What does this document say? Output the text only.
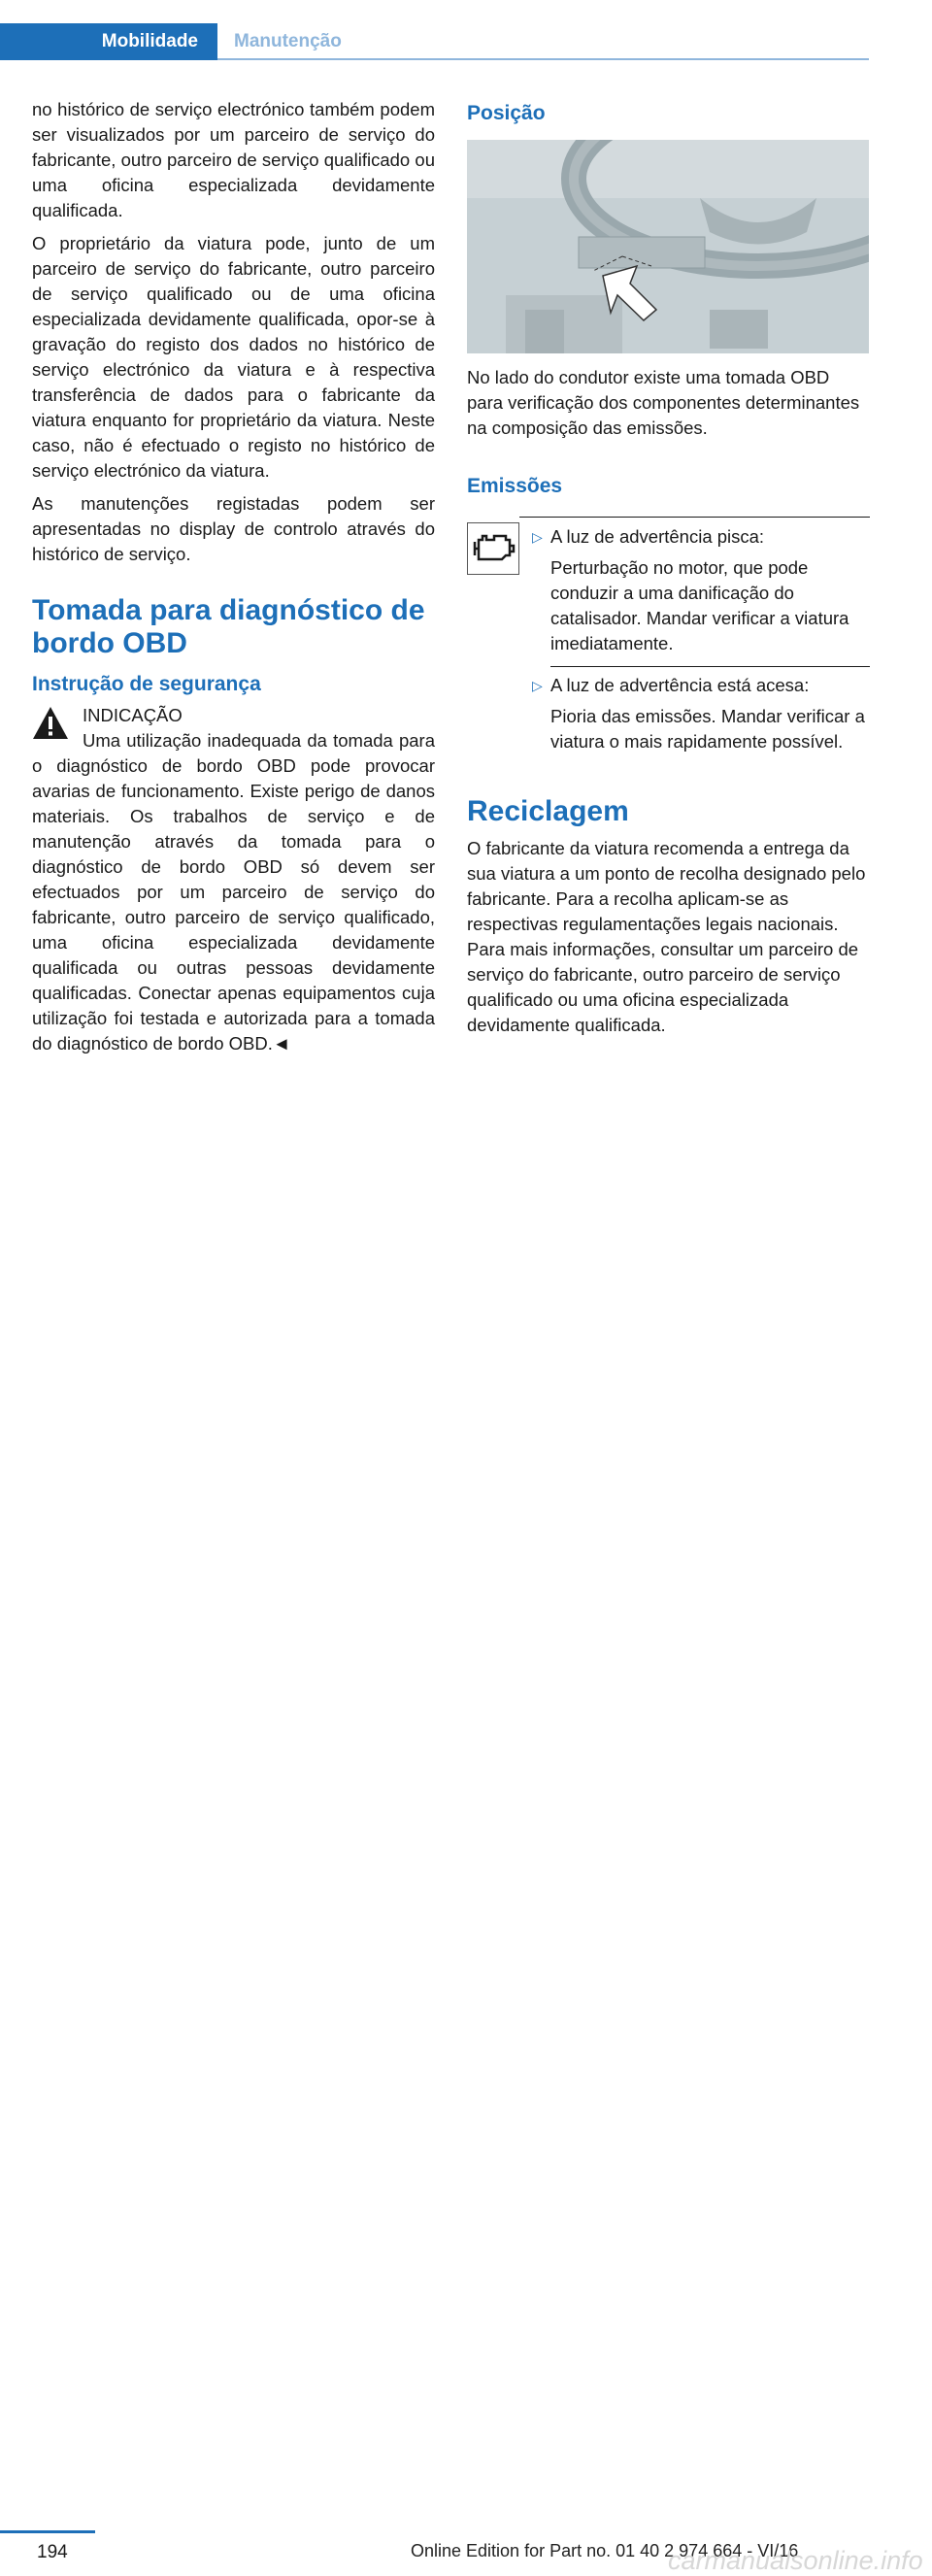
Mobilidade	Manutenção

no histórico de serviço electrónico também podem ser visualizados por um parceiro de serviço do fabricante, outro parceiro de serviço qualificado ou uma oficina especializada devidamente qualificada.

O proprietário da viatura pode, junto de um parceiro de serviço do fabricante, outro parceiro de serviço qualificado ou de uma oficina especializada devidamente qualificada, opor-se à gravação do registo dos dados no histórico de serviço electrónico da viatura e à respectiva transferência de dados para o fabricante da viatura enquanto for proprietário da viatura. Neste caso, não é efectuado o registo no histórico de serviço electrónico da viatura.

As manutenções registadas podem ser apresentadas no display de controlo através do histórico de serviço.

Tomada para diagnóstico de bordo OBD
Instrução de segurança
INDICAÇÃO
Uma utilização inadequada da tomada para o diagnóstico de bordo OBD pode provocar avarias de funcionamento. Existe perigo de danos materiais. Os trabalhos de serviço e de manutenção através da tomada para o diagnóstico de bordo OBD só devem ser efectuados por um parceiro de serviço do fabricante, outro parceiro de serviço qualificado, uma oficina especializada devidamente qualificada ou outras pessoas devidamente qualificadas. Conectar apenas equipamentos cuja utilização foi testada e autorizada para a tomada do diagnóstico de bordo OBD.◄
Posição

No lado do condutor existe uma tomada OBD para verificação dos componentes determinantes na composição das emissões.

Emissões
▷ A luz de advertência pisca:
Perturbação no motor, que pode conduzir a uma danificação do catalisador. Mandar verificar a viatura imediatamente.
▷ A luz de advertência está acesa:
Pioria das emissões. Mandar verificar a viatura o mais rapidamente possível.
Reciclagem

O fabricante da viatura recomenda a entrega da sua viatura a um ponto de recolha designado pelo fabricante. Para a recolha aplicam-se as respectivas regulamentações legais nacionais. Para mais informações, consultar um parceiro de serviço do fabricante, outro parceiro de serviço qualificado ou uma oficina especializada devidamente qualificada.

194	Online Edition for Part no. 01 40 2 974 664 - VI/16
carmanualsonline.info
